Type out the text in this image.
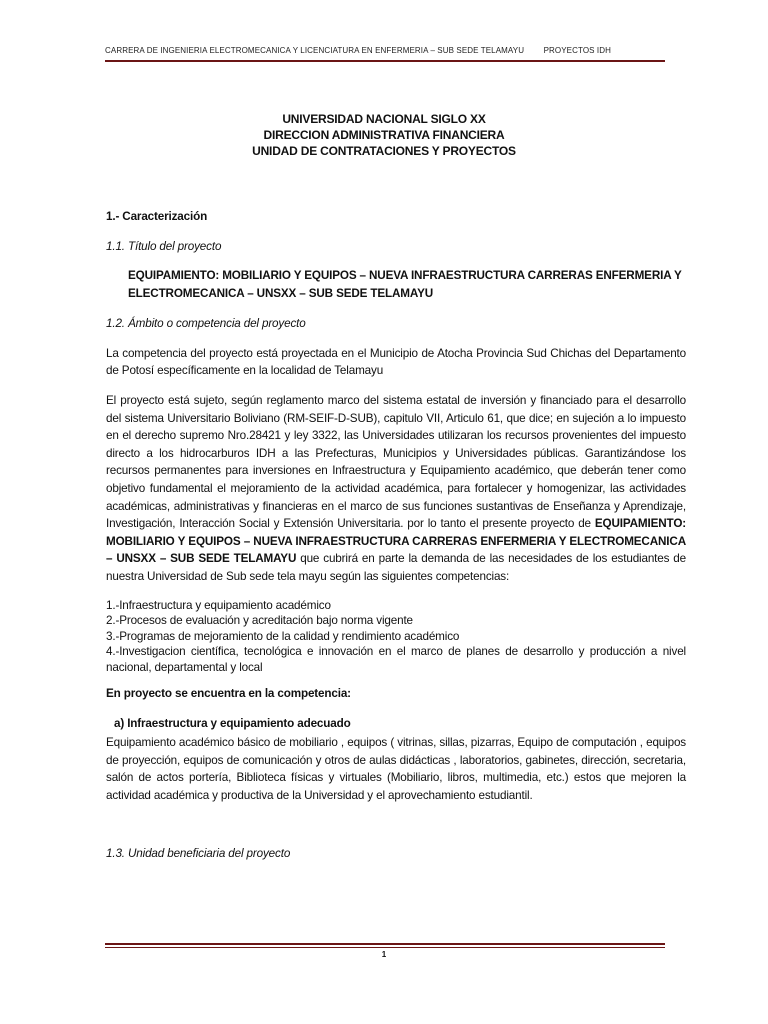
CARRERA DE INGENIERIA ELECTROMECANICA Y LICENCIATURA EN ENFERMERIA – SUB SEDE TELAMAYU PROYECTOS IDH
UNIVERSIDAD NACIONAL SIGLO XX
DIRECCION ADMINISTRATIVA FINANCIERA
UNIDAD DE CONTRATACIONES Y PROYECTOS
1.- Caracterización
1.1. Título del proyecto
EQUIPAMIENTO: MOBILIARIO Y EQUIPOS – NUEVA INFRAESTRUCTURA CARRERAS ENFERMERIA Y
ELECTROMECANICA – UNSXX – SUB SEDE TELAMAYU
1.2. Ámbito o competencia del proyecto
La competencia del proyecto está proyectada en el Municipio de Atocha Provincia Sud Chichas del Departamento de Potosí específicamente en la localidad de Telamayu
El proyecto está sujeto, según reglamento marco del sistema estatal de inversión y financiado para el desarrollo del sistema Universitario Boliviano (RM-SEIF-D-SUB), capitulo VII, Articulo 61, que dice; en sujeción a lo impuesto en el derecho supremo Nro.28421 y ley 3322, las Universidades utilizaran los recursos provenientes del impuesto directo a los hidrocarburos IDH a las Prefecturas, Municipios y Universidades públicas. Garantizándose los recursos permanentes para inversiones en Infraestructura y Equipamiento académico, que deberán tener como objetivo fundamental el mejoramiento de la actividad académica, para fortalecer y homogenizar, las actividades académicas, administrativas y financieras en el marco de sus funciones sustantivas de Enseñanza y Aprendizaje, Investigación, Interacción Social y Extensión Universitaria. por lo tanto el presente proyecto de EQUIPAMIENTO: MOBILIARIO Y EQUIPOS – NUEVA INFRAESTRUCTURA CARRERAS ENFERMERIA Y ELECTROMECANICA – UNSXX – SUB SEDE TELAMAYU que cubrirá en parte la demanda de las necesidades de los estudiantes de nuestra Universidad de Sub sede tela mayu según las siguientes competencias:
1.-Infraestructura y equipamiento académico
2.-Procesos de evaluación y acreditación bajo norma vigente
3.-Programas de mejoramiento de la calidad y rendimiento académico
4.-Investigacion científica, tecnológica e innovación en el marco de planes de desarrollo y producción a nivel nacional, departamental y local
En proyecto se encuentra en la competencia:
a) Infraestructura y equipamiento adecuado
Equipamiento académico básico de mobiliario , equipos ( vitrinas, sillas, pizarras, Equipo de computación , equipos de proyección, equipos de comunicación y otros de aulas didácticas , laboratorios, gabinetes, dirección, secretaria, salón de actos portería, Biblioteca físicas y virtuales (Mobiliario, libros, multimedia, etc.) estos que mejoren la actividad académica y productiva de la Universidad y el aprovechamiento estudiantil.
1.3. Unidad beneficiaria del proyecto
1
